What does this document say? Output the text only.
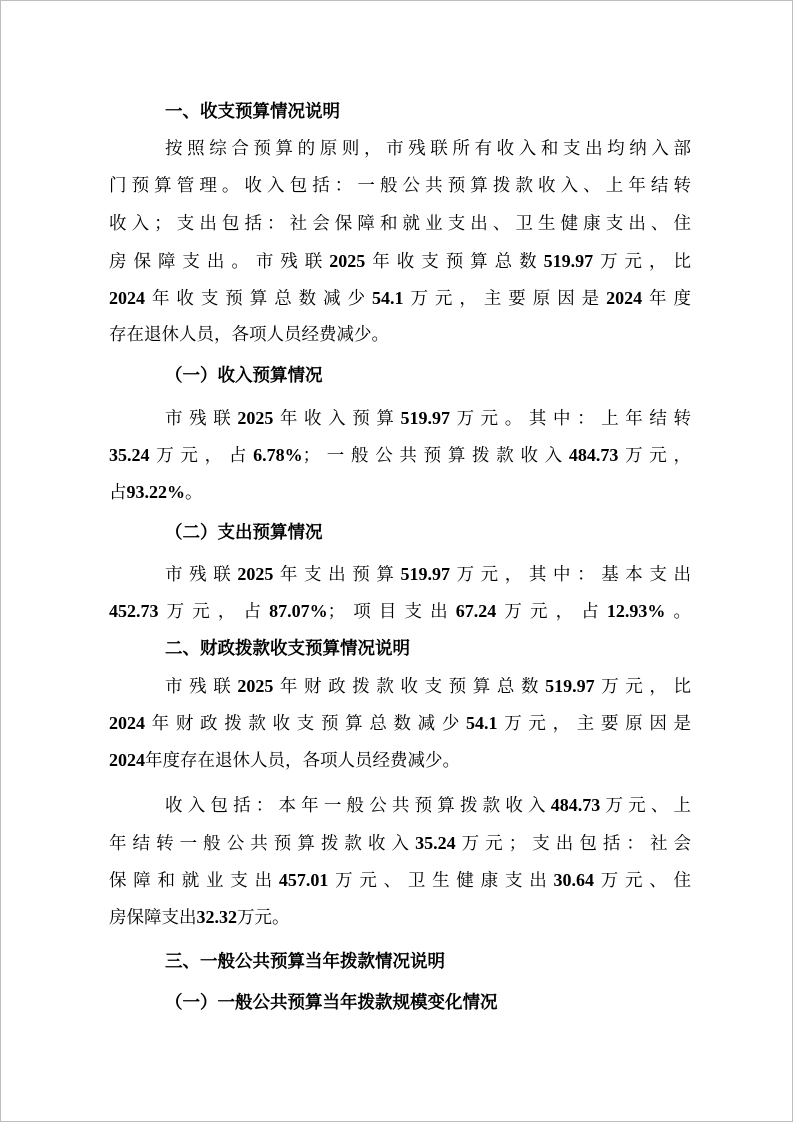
一、收支预算情况说明
按照综合预算的原则，市残联所有收入和支出均纳入部
门预算管理。收入包括：一般公共预算拨款收入、上年结转
收入；支出包括：社会保障和就业支出、卫生健康支出、住
房保障支出。市残联2025年收支预算总数519.97万元，比
2024年收支预算总数减少54.1万元，主要原因是2024年度
存在退休人员，各项人员经费减少。
（一）收入预算情况
市残联2025年收入预算519.97万元。其中：上年结转
35.24万元，占6.78%；一般公共预算拨款收入484.73万元，
占93.22%。
（二）支出预算情况
市残联2025年支出预算519.97万元，其中：基本支出
452.73万元，占87.07%；项目支出67.24万元，占12.93%。
二、财政拨款收支预算情况说明
市残联2025年财政拨款收支预算总数519.97万元，比
2024年财政拨款收支预算总数减少54.1万元，主要原因是
2024年度存在退休人员，各项人员经费减少。
收入包括：本年一般公共预算拨款收入484.73万元、上
年结转一般公共预算拨款收入35.24万元；支出包括：社会
保障和就业支出457.01万元、卫生健康支出30.64万元、住
房保障支出32.32万元。
三、一般公共预算当年拨款情况说明
（一）一般公共预算当年拨款规模变化情况
